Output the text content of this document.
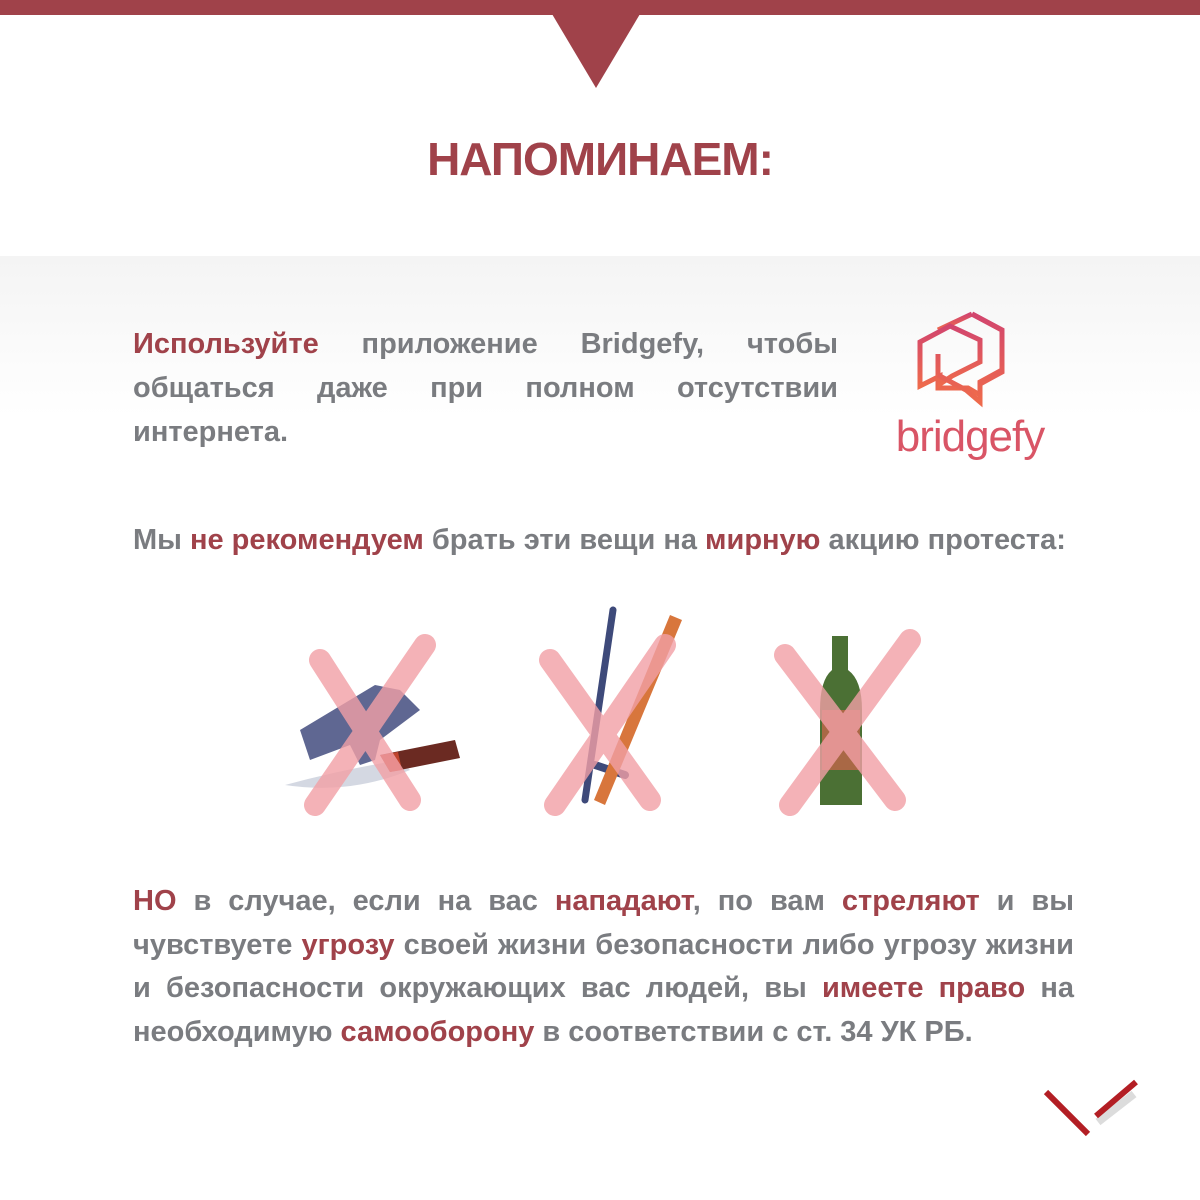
НАПОМИНАЕМ:
Используйте приложение Bridgefy, чтобы общаться даже при полном отсутствии интернета.	bridgefy
Мы не рекомендуем брать эти вещи на мирную акцию протеста:
НО в случае, если на вас нападают, по вам стреляют и вы чувствуете угрозу своей жизни безопасности либо угрозу жизни и безопасности окружающих вас людей, вы имеете право на необходимую самооборону в соответствии с ст. 34 УК РБ.
